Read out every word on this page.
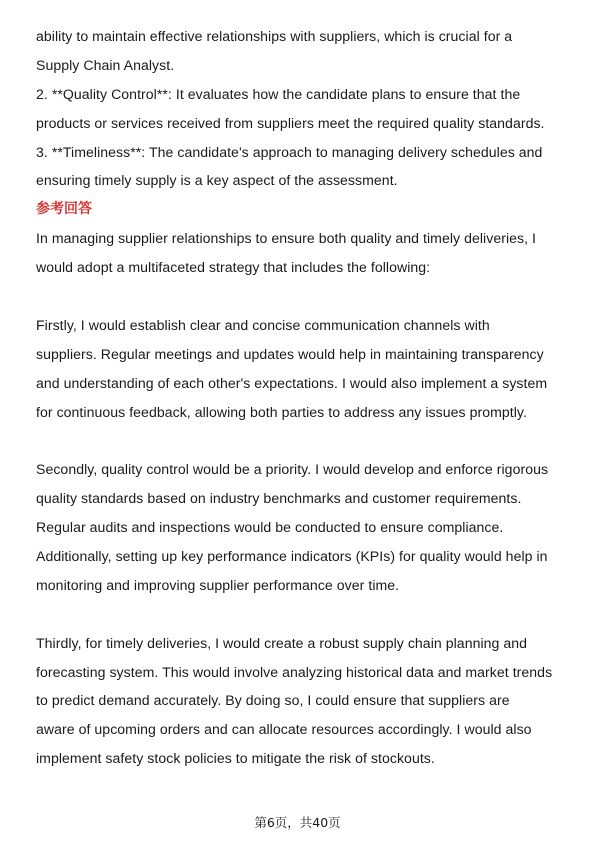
ability to maintain effective relationships with suppliers, which is crucial for a
Supply Chain Analyst.
2. **Quality Control**: It evaluates how the candidate plans to ensure that the
products or services received from suppliers meet the required quality standards.
3. **Timeliness**: The candidate's approach to managing delivery schedules and
ensuring timely supply is a key aspect of the assessment.
参考回答
In managing supplier relationships to ensure both quality and timely deliveries, I
would adopt a multifaceted strategy that includes the following:
Firstly, I would establish clear and concise communication channels with
suppliers. Regular meetings and updates would help in maintaining transparency
and understanding of each other's expectations. I would also implement a system
for continuous feedback, allowing both parties to address any issues promptly.
Secondly, quality control would be a priority. I would develop and enforce rigorous
quality standards based on industry benchmarks and customer requirements.
Regular audits and inspections would be conducted to ensure compliance.
Additionally, setting up key performance indicators (KPIs) for quality would help in
monitoring and improving supplier performance over time.
Thirdly, for timely deliveries, I would create a robust supply chain planning and
forecasting system. This would involve analyzing historical data and market trends
to predict demand accurately. By doing so, I could ensure that suppliers are
aware of upcoming orders and can allocate resources accordingly. I would also
implement safety stock policies to mitigate the risk of stockouts.
第6页，共40页
